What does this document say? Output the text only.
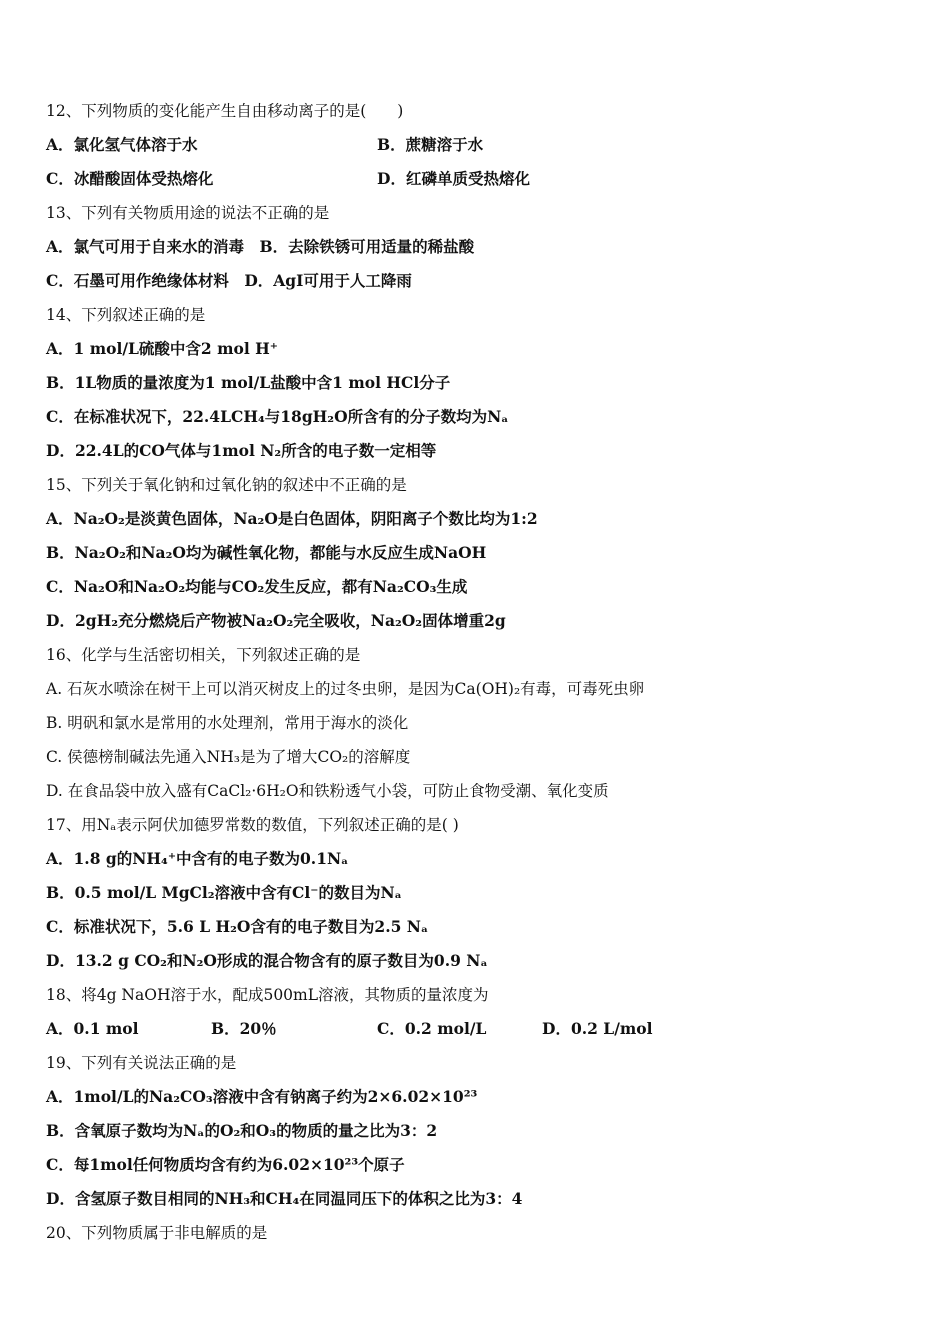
12、下列物质的变化能产生自由移动离子的是(　　)
A．氯化氢气体溶于水	B．蔗糖溶于水
C．冰醋酸固体受热熔化	D．红磷单质受热熔化
13、下列有关物质用途的说法不正确的是
A．氯气可用于自来水的消毒　B．去除铁锈可用适量的稀盐酸
C．石墨可用作绝缘体材料　D．AgI可用于人工降雨
14、下列叙述正确的是
A．1 mol/L硫酸中含2 mol H⁺
B．1L物质的量浓度为1 mol/L盐酸中含1 mol HCl分子
C．在标准状况下，22.4LCH₄与18gH₂O所含有的分子数均为Nₐ
D．22.4L的CO气体与1mol N₂所含的电子数一定相等
15、下列关于氧化钠和过氧化钠的叙述中不正确的是
A．Na₂O₂是淡黄色固体，Na₂O是白色固体，阴阳离子个数比均为1:2
B．Na₂O₂和Na₂O均为碱性氧化物，都能与水反应生成NaOH
C．Na₂O和Na₂O₂均能与CO₂发生反应，都有Na₂CO₃生成
D．2gH₂充分燃烧后产物被Na₂O₂完全吸收，Na₂O₂固体增重2g
16、化学与生活密切相关，下列叙述正确的是
A. 石灰水喷涂在树干上可以消灭树皮上的过冬虫卵，是因为Ca(OH)₂有毒，可毒死虫卵
B. 明矾和氯水是常用的水处理剂，常用于海水的淡化
C. 侯德榜制碱法先通入NH₃是为了增大CO₂的溶解度
D. 在食品袋中放入盛有CaCl₂·6H₂O和铁粉透气小袋，可防止食物受潮、氧化变质
17、用Nₐ表示阿伏加德罗常数的数值，下列叙述正确的是( )
A．1.8 g的NH₄⁺中含有的电子数为0.1Nₐ
B．0.5 mol/L MgCl₂溶液中含有Cl⁻的数目为Nₐ
C．标准状况下，5.6 L H₂O含有的电子数目为2.5 Nₐ
D．13.2 g CO₂和N₂O形成的混合物含有的原子数目为0.9 Nₐ
18、将4g NaOH溶于水，配成500mL溶液，其物质的量浓度为
A．0.1 mol	B．20％	C．0.2 mol/L	D．0.2 L/mol
19、下列有关说法正确的是
A．1mol/L的Na₂CO₃溶液中含有钠离子约为2×6.02×10²³
B．含氧原子数均为Nₐ的O₂和O₃的物质的量之比为3：2
C．每1mol任何物质均含有约为6.02×10²³个原子
D．含氢原子数目相同的NH₃和CH₄在同温同压下的体积之比为3：4
20、下列物质属于非电解质的是
